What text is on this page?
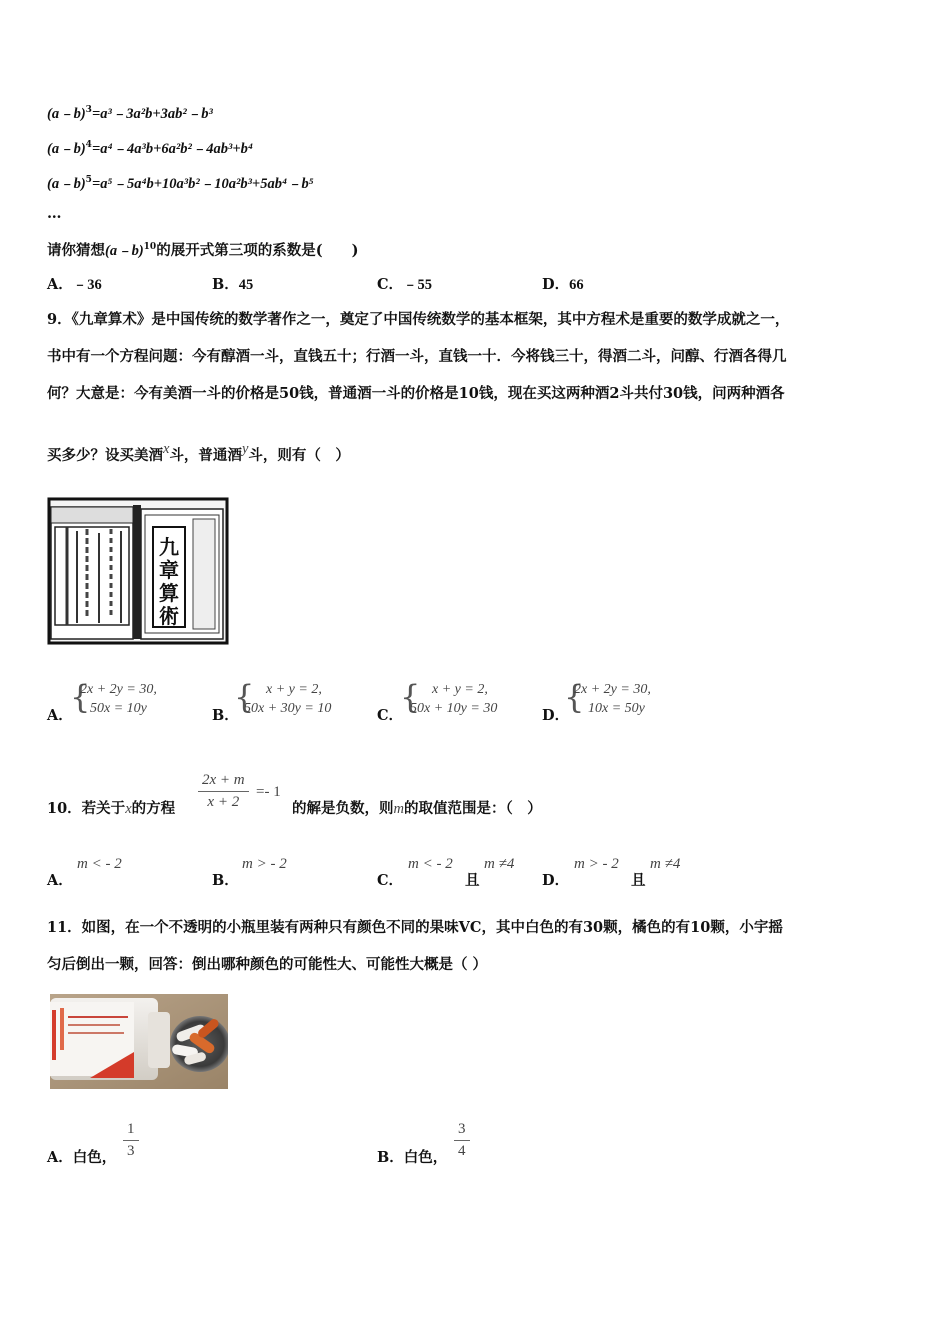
(a﹣b)$^3$=a³﹣3a²b+3ab²﹣b³
(a﹣b)$^4$=a⁴﹣4a³b+6a²b²﹣4ab³+b⁴
(a﹣b)$^5$=a⁵﹣5a⁴b+10a³b²﹣10a²b³+5ab⁴﹣b⁵
…
请你猜想(a﹣b)$^{10}$的展开式第三项的系数是(　　)
A．﹣36	B．45	C．﹣55	D．66
9．《九章算术》是中国传统的数学著作之一，奠定了中国传统数学的基本框架，其中方程术是重要的数学成就之一，
书中有一个方程问题：今有醇酒一斗，直钱五十；行酒一斗，直钱一十．今将钱三十，得酒二斗，问醇、行酒各得几
何？大意是：今有美酒一斗的价格是50钱，普通酒一斗的价格是10钱，现在买这两种酒2斗共付30钱，问两种酒各
买多少？设买美酒x斗，普通酒y斗，则有（　）
九
章
算
術
A．
{
2x + 2y = 30,
50x = 10y	B．
{ x + y = 2,
50x + 30y = 10	C．
{ x + y = 2,
50x + 10y = 30	D．
{
2x + 2y = 30,
10x = 50y
10．若关于x的方程 $\frac{2x + m}{x + 2} =- 1$
的解是负数，则m的取值范围是：（　）
A．
m < - 2
B．
m > - 2
C．
m < - 2
且
m ≠4
D．
m > - 2
且
m ≠4
11．如图，在一个不透明的小瓶里装有两种只有颜色不同的果味VC，其中白色的有30颗，橘色的有10颗，小宇摇
匀后倒出一颗，回答：倒出哪种颜色的可能性大、可能性大概是（ ）
A．白色， $\frac{1}{3}$	B．白色， $\frac{3}{4}$
